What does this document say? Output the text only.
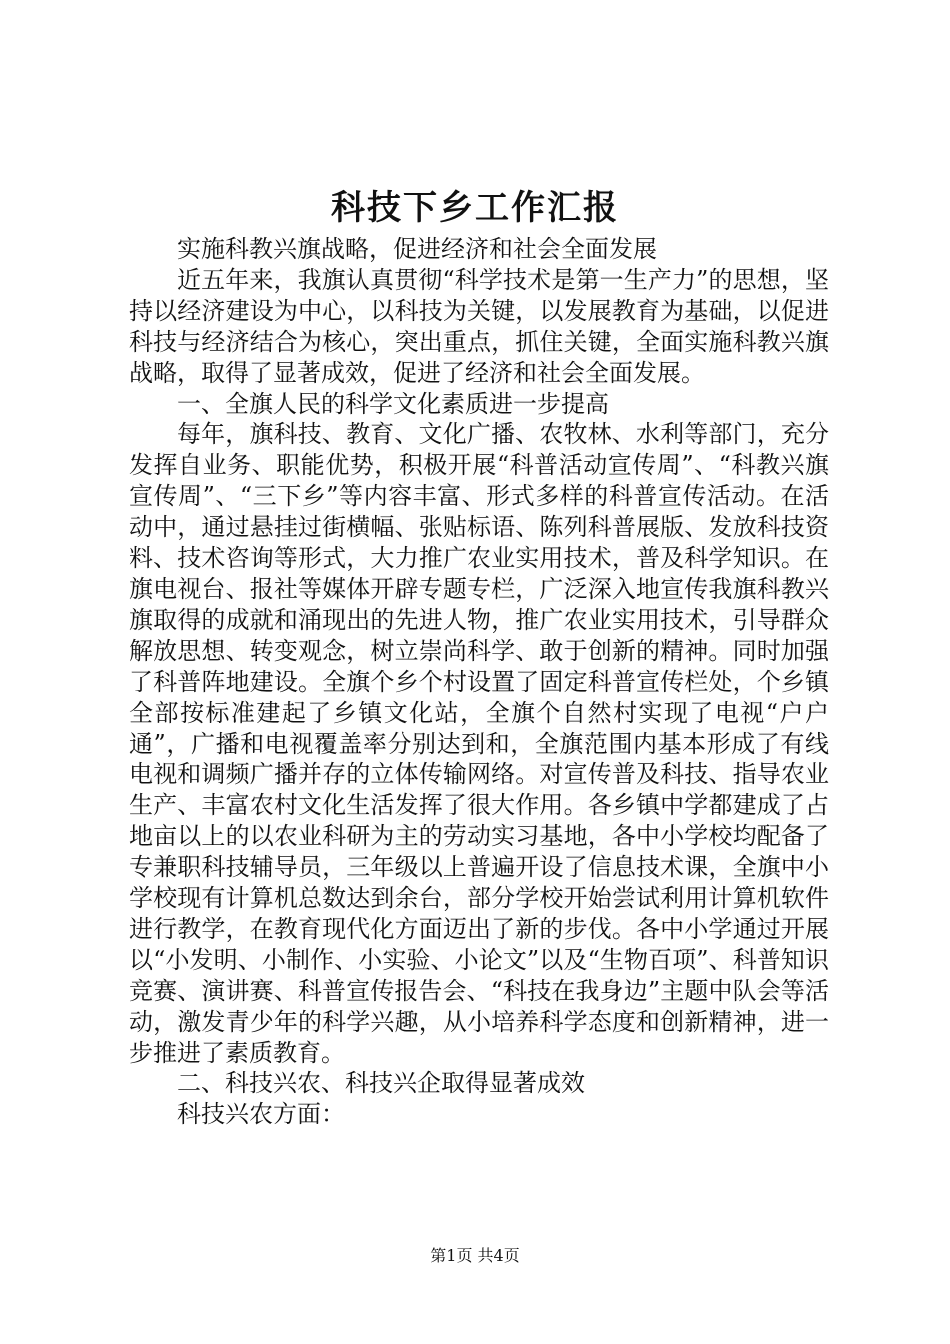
科技下乡工作汇报

实施科教兴旗战略，促进经济和社会全面发展

近五年来，我旗认真贯彻“科学技术是第一生产力”的思想，坚持以经济建设为中心，以科技为关键，以发展教育为基础，以促进科技与经济结合为核心，突出重点，抓住关键，全面实施科教兴旗战略，取得了显著成效，促进了经济和社会全面发展。

一、全旗人民的科学文化素质进一步提高

每年，旗科技、教育、文化广播、农牧林、水利等部门，充分发挥自业务、职能优势，积极开展“科普活动宣传周”、“科教兴旗宣传周”、“三下乡”等内容丰富、形式多样的科普宣传活动。在活动中，通过悬挂过街横幅、张贴标语、陈列科普展版、发放科技资料、技术咨询等形式，大力推广农业实用技术，普及科学知识。在旗电视台、报社等媒体开辟专题专栏，广泛深入地宣传我旗科教兴旗取得的成就和涌现出的先进人物，推广农业实用技术，引导群众解放思想、转变观念，树立崇尚科学、敢于创新的精神。同时加强了科普阵地建设。全旗个乡个村设置了固定科普宣传栏处，个乡镇全部按标准建起了乡镇文化站，全旗个自然村实现了电视“户户通”，广播和电视覆盖率分别达到和，全旗范围内基本形成了有线电视和调频广播并存的立体传输网络。对宣传普及科技、指导农业生产、丰富农村文化生活发挥了很大作用。各乡镇中学都建成了占地亩以上的以农业科研为主的劳动实习基地，各中小学校均配备了专兼职科技辅导员，三年级以上普遍开设了信息技术课，全旗中小学校现有计算机总数达到余台，部分学校开始尝试利用计算机软件进行教学，在教育现代化方面迈出了新的步伐。各中小学通过开展以“小发明、小制作、小实验、小论文”以及“生物百项”、科普知识竞赛、演讲赛、科普宣传报告会、“科技在我身边”主题中队会等活动，激发青少年的科学兴趣，从小培养科学态度和创新精神，进一步推进了素质教育。

二、科技兴农、科技兴企取得显著成效

科技兴农方面：

第1页 共4页
